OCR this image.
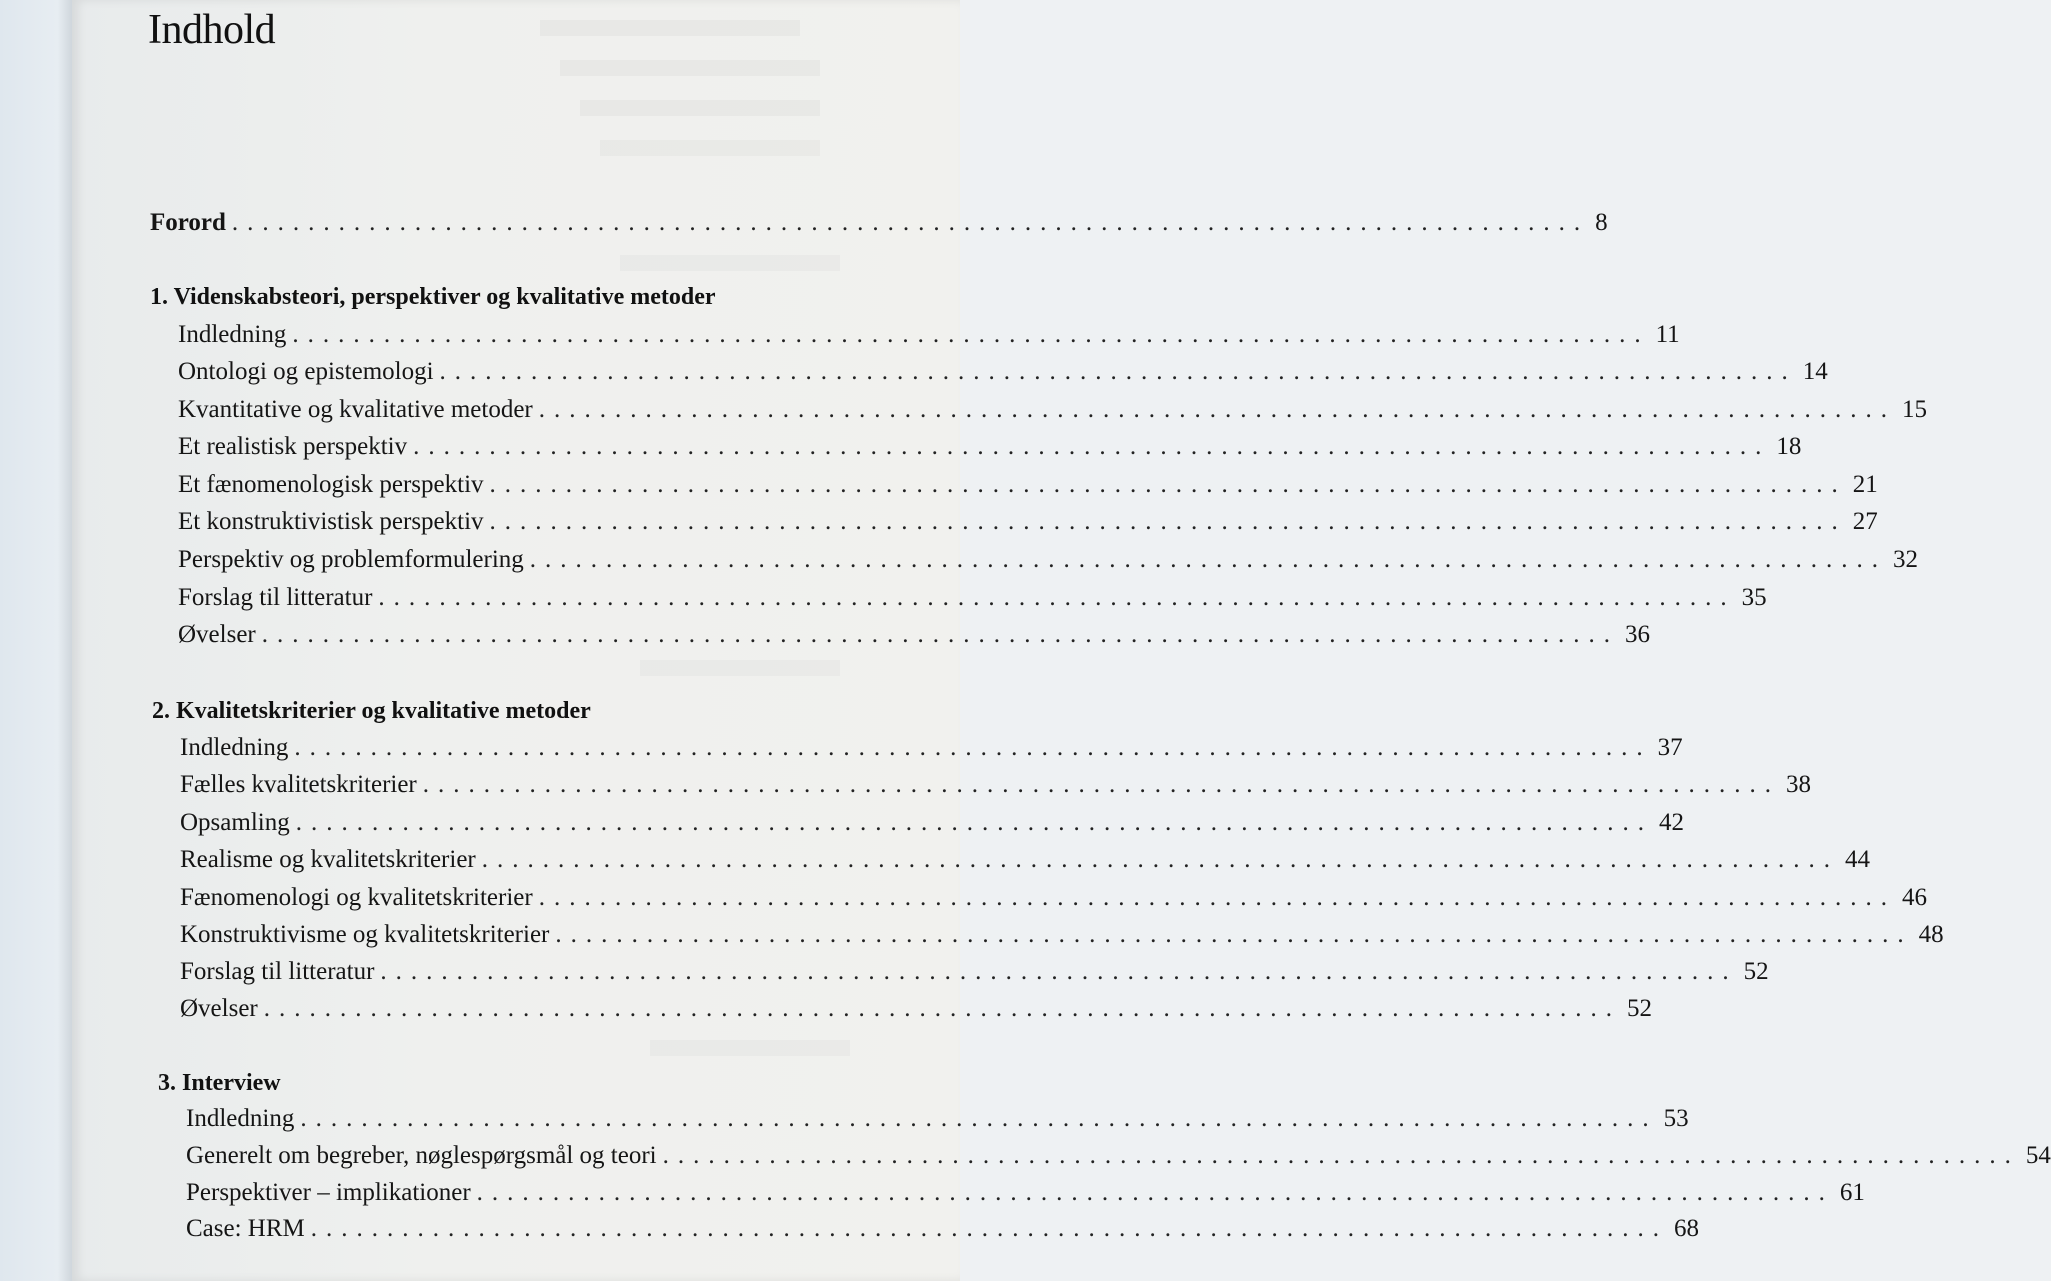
Indhold
Forord ......................................................................................... 8
1. Videnskabsteori, perspektiver og kvalitative metoder
Indledning ......................................................................................... 11
Ontologi og epistemologi ......................................................................................... 14
Kvantitative og kvalitative metoder ......................................................................................... 15
Et realistisk perspektiv ......................................................................................... 18
Et fænomenologisk perspektiv ......................................................................................... 21
Et konstruktivistisk perspektiv ......................................................................................... 27
Perspektiv og problemformulering ......................................................................................... 32
Forslag til litteratur ......................................................................................... 35
Øvelser ......................................................................................... 36
2. Kvalitetskriterier og kvalitative metoder
Indledning ......................................................................................... 37
Fælles kvalitetskriterier ......................................................................................... 38
Opsamling ......................................................................................... 42
Realisme og kvalitetskriterier ......................................................................................... 44
Fænomenologi og kvalitetskriterier ......................................................................................... 46
Konstruktivisme og kvalitetskriterier ......................................................................................... 48
Forslag til litteratur ......................................................................................... 52
Øvelser ......................................................................................... 52
3. Interview
Indledning ......................................................................................... 53
Generelt om begreber, nøglespørgsmål og teori ......................................................................................... 54
Perspektiver – implikationer ......................................................................................... 61
Case: HRM ......................................................................................... 68
